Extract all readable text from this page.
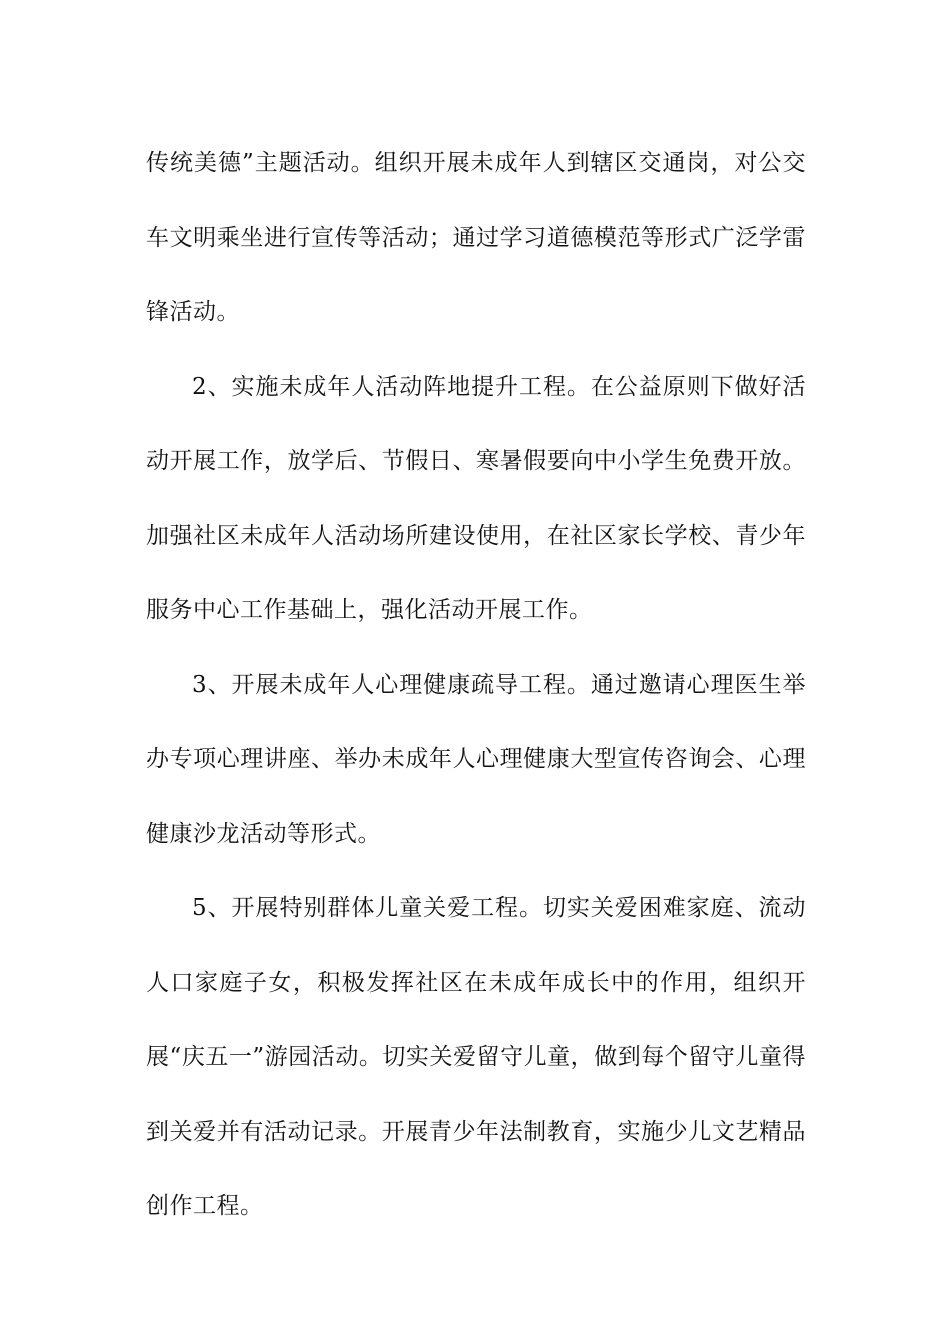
传统美德”主题活动。组织开展未成年人到辖区交通岗，对公交车文明乘坐进行宣传等活动；通过学习道德模范等形式广泛学雷锋活动。

2、实施未成年人活动阵地提升工程。在公益原则下做好活动开展工作，放学后、节假日、寒暑假要向中小学生免费开放。加强社区未成年人活动场所建设使用，在社区家长学校、青少年服务中心工作基础上，强化活动开展工作。

3、开展未成年人心理健康疏导工程。通过邀请心理医生举办专项心理讲座、举办未成年人心理健康大型宣传咨询会、心理健康沙龙活动等形式。

5、开展特别群体儿童关爱工程。切实关爱困难家庭、流动人口家庭子女，积极发挥社区在未成年成长中的作用，组织开展“庆五一”游园活动。切实关爱留守儿童，做到每个留守儿童得到关爱并有活动记录。开展青少年法制教育，实施少儿文艺精品创作工程。
